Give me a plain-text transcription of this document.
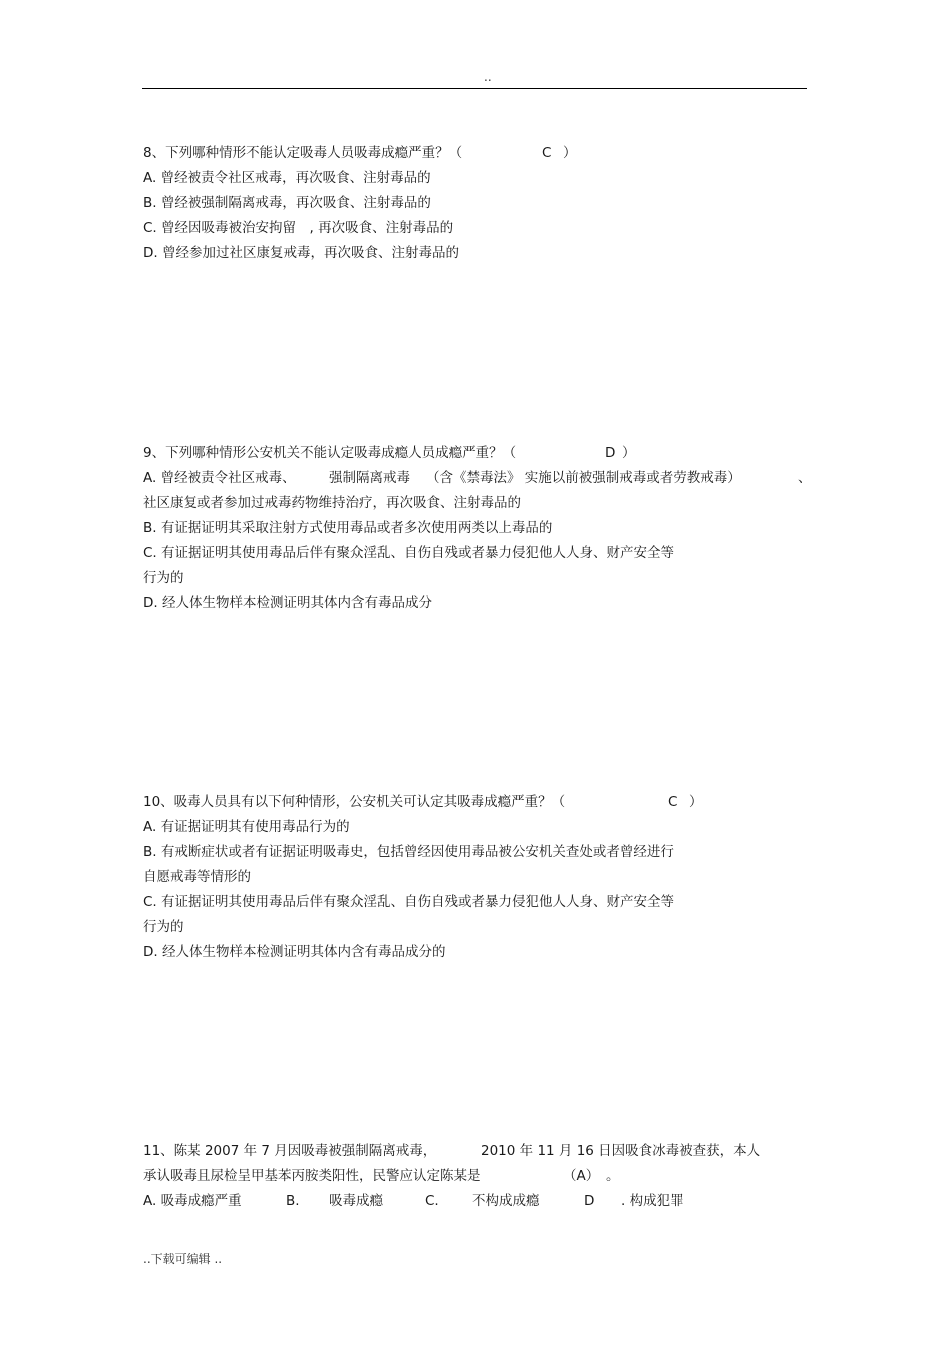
..
8、下列哪种情形不能认定吸毒人员吸毒成瘾严重？（	C ）
A. 曾经被责令社区戒毒，再次吸食、注射毒品的
B. 曾经被强制隔离戒毒，再次吸食、注射毒品的
C. 曾经因吸毒被治安拘留　, 再次吸食、注射毒品的
D. 曾经参加过社区康复戒毒，再次吸食、注射毒品的
9、下列哪种情形公安机关不能认定吸毒成瘾人员成瘾严重？（	D ）
A. 曾经被责令社区戒毒、 强制隔离戒毒 （含《禁毒法》 实施以前被强制戒毒或者劳教戒毒）	、
社区康复或者参加过戒毒药物维持治疗，再次吸食、注射毒品的
B. 有证据证明其采取注射方式使用毒品或者多次使用两类以上毒品的
C. 有证据证明其使用毒品后伴有聚众淫乱、自伤自残或者暴力侵犯他人人身、财产安全等
行为的
D. 经人体生物样本检测证明其体内含有毒品成分
10、吸毒人员具有以下何种情形，公安机关可认定其吸毒成瘾严重？（	C ）
A. 有证据证明其有使用毒品行为的
B. 有戒断症状或者有证据证明吸毒史，包括曾经因使用毒品被公安机关查处或者曾经进行
自愿戒毒等情形的
C. 有证据证明其使用毒品后伴有聚众淫乱、自伤自残或者暴力侵犯他人人身、财产安全等
行为的
D. 经人体生物样本检测证明其体内含有毒品成分的
11、陈某 2007 年 7 月因吸毒被强制隔离戒毒，	2010 年 11 月 16 日因吸食冰毒被查获，本人
承认吸毒且尿检呈甲基苯丙胺类阳性，民警应认定陈某是	（A）　。
A. 吸毒成瘾严重	B. 吸毒成瘾	C. 不构成成瘾	D . 构成犯罪
..下载可编辑 ..
